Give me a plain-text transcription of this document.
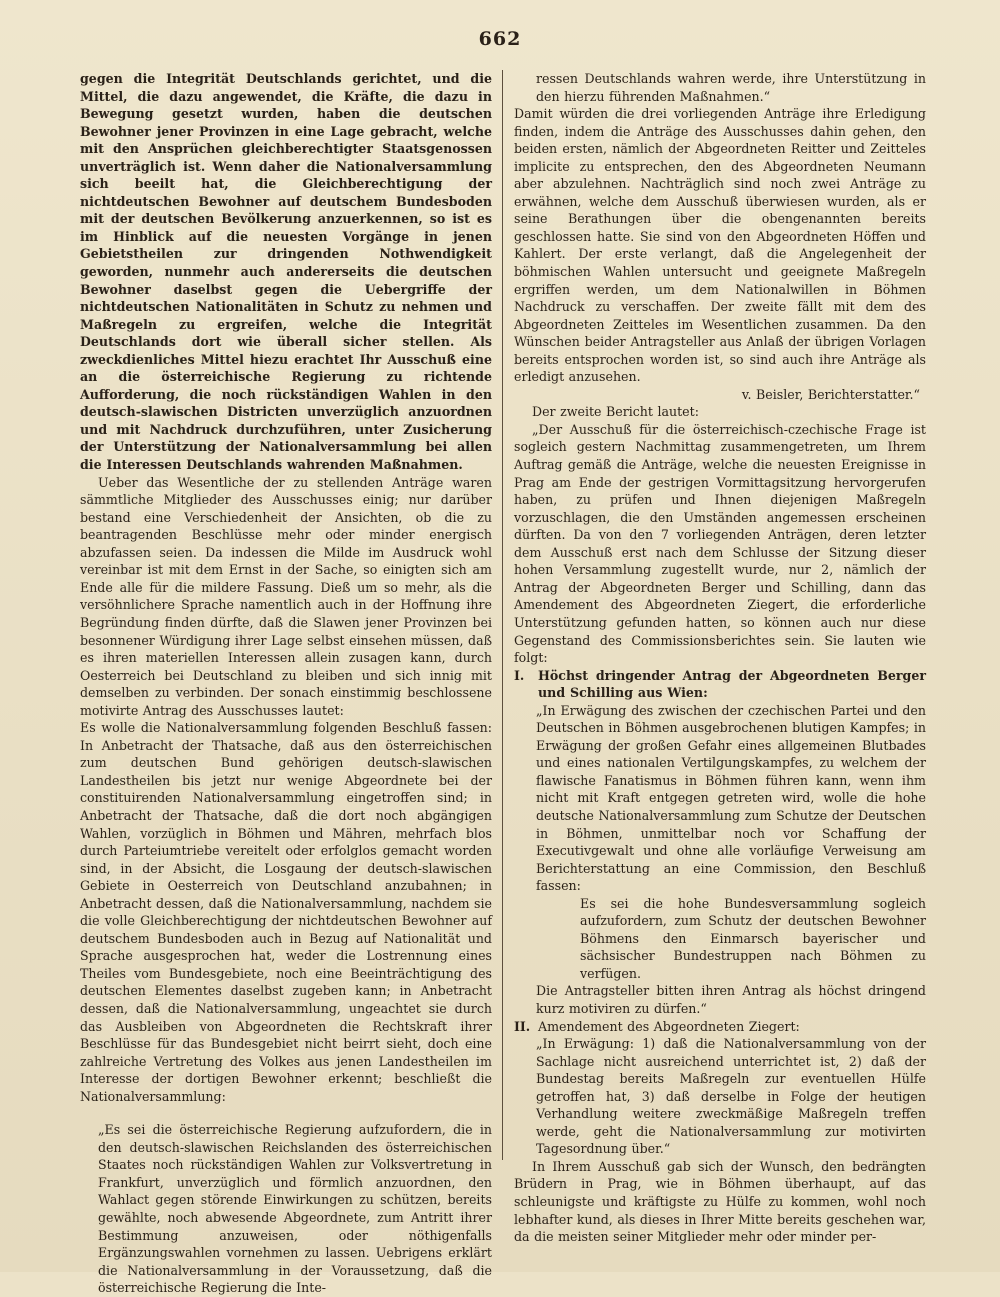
662

gegen die Integrität Deutschlands gerichtet, und die Mittel, die dazu angewendet, die Kräfte, die dazu in Bewegung gesetzt wurden, haben die deutschen Bewohner jener Provinzen in eine Lage gebracht, welche mit den Ansprüchen gleichberechtigter Staatsgenossen unverträglich ist. Wenn daher die Nationalversammlung sich beeilt hat, die Gleichberechtigung der nichtdeutschen Bewohner auf deutschem Bundesboden mit der deutschen Bevölkerung anzuerkennen, so ist es im Hinblick auf die neuesten Vorgänge in jenen Gebietstheilen zur dringenden Nothwendigkeit geworden, nunmehr auch andererseits die deutschen Bewohner daselbst gegen die Uebergriffe der nichtdeutschen Nationalitäten in Schutz zu nehmen und Maßregeln zu ergreifen, welche die Integrität Deutschlands dort wie überall sicher stellen. Als zweckdienliches Mittel hiezu erachtet Ihr Ausschuß eine an die österreichische Regierung zu richtende Aufforderung, die noch rückständigen Wahlen in den deutsch-slawischen Districten unverzüglich anzuordnen und mit Nachdruck durchzuführen, unter Zusicherung der Unterstützung der Nationalversammlung bei allen die Interessen Deutschlands wahrenden Maßnahmen.

Ueber das Wesentliche der zu stellenden Anträge waren sämmtliche Mitglieder des Ausschusses einig; nur darüber bestand eine Verschiedenheit der Ansichten, ob die zu beantragenden Beschlüsse mehr oder minder energisch abzufassen seien. Da indessen die Milde im Ausdruck wohl vereinbar ist mit dem Ernst in der Sache, so einigten sich am Ende alle für die mildere Fassung. Dieß um so mehr, als die versöhnlichere Sprache namentlich auch in der Hoffnung ihre Begründung finden dürfte, daß die Slawen jener Provinzen bei besonnener Würdigung ihrer Lage selbst einsehen müssen, daß es ihren materiellen Interessen allein zusagen kann, durch Oesterreich bei Deutschland zu bleiben und sich innig mit demselben zu verbinden. Der sonach einstimmig beschlossene motivirte Antrag des Ausschusses lautet:

Es wolle die Nationalversammlung folgenden Beschluß fassen: In Anbetracht der Thatsache, daß aus den österreichischen zum deutschen Bund gehörigen deutsch-slawischen Landestheilen bis jetzt nur wenige Abgeordnete bei der constituirenden Nationalversammlung eingetroffen sind; in Anbetracht der Thatsache, daß die dort noch abgängigen Wahlen, vorzüglich in Böhmen und Mähren, mehrfach blos durch Parteiumtriebe vereitelt oder erfolglos gemacht worden sind, in der Absicht, die Losgaung der deutsch-slawischen Gebiete in Oesterreich von Deutschland anzubahnen; in Anbetracht dessen, daß die Nationalversammlung, nachdem sie die volle Gleichberechtigung der nichtdeutschen Bewohner auf deutschem Bundesboden auch in Bezug auf Nationalität und Sprache ausgesprochen hat, weder die Lostrennung eines Theiles vom Bundesgebiete, noch eine Beeinträchtigung des deutschen Elementes daselbst zugeben kann; in Anbetracht dessen, daß die Nationalversammlung, ungeachtet sie durch das Ausbleiben von Abgeordneten die Rechtskraft ihrer Beschlüsse für das Bundesgebiet nicht beirrt sieht, doch eine zahlreiche Vertretung des Volkes aus jenen Landestheilen im Interesse der dortigen Bewohner erkennt; beschließt die Nationalversammlung:

„Es sei die österreichische Regierung aufzufordern, die in den deutsch-slawischen Reichslanden des österreichischen Staates noch rückständigen Wahlen zur Volksvertretung in Frankfurt, unverzüglich und förmlich anzuordnen, den Wahlact gegen störende Einwirkungen zu schützen, bereits gewählte, noch abwesende Abgeordnete, zum Antritt ihrer Bestimmung anzuweisen, oder nöthigenfalls Ergänzungswahlen vornehmen zu lassen. Uebrigens erklärt die Nationalversammlung in der Voraussetzung, daß die österreichische Regierung die Inte-

ressen Deutschlands wahren werde, ihre Unterstützung in den hierzu führenden Maßnahmen.“

Damit würden die drei vorliegenden Anträge ihre Erledigung finden, indem die Anträge des Ausschusses dahin gehen, den beiden ersten, nämlich der Abgeordneten Reitter und Zeitteles implicite zu entsprechen, den des Abgeordneten Neumann aber abzulehnen. Nachträglich sind noch zwei Anträge zu erwähnen, welche dem Ausschuß überwiesen wurden, als er seine Berathungen über die obengenannten bereits geschlossen hatte. Sie sind von den Abgeordneten Höffen und Kahlert. Der erste verlangt, daß die Angelegenheit der böhmischen Wahlen untersucht und geeignete Maßregeln ergriffen werden, um dem Nationalwillen in Böhmen Nachdruck zu verschaffen. Der zweite fällt mit dem des Abgeordneten Zeitteles im Wesentlichen zusammen. Da den Wünschen beider Antragsteller aus Anlaß der übrigen Vorlagen bereits entsprochen worden ist, so sind auch ihre Anträge als erledigt anzusehen.

v. Beisler, Berichterstatter.“

Der zweite Bericht lautet:

„Der Ausschuß für die österreichisch-czechische Frage ist sogleich gestern Nachmittag zusammengetreten, um Ihrem Auftrag gemäß die Anträge, welche die neuesten Ereignisse in Prag am Ende der gestrigen Vormittagsitzung hervorgerufen haben, zu prüfen und Ihnen diejenigen Maßregeln vorzuschlagen, die den Umständen angemessen erscheinen dürften. Da von den 7 vorliegenden Anträgen, deren letzter dem Ausschuß erst nach dem Schlusse der Sitzung dieser hohen Versammlung zugestellt wurde, nur 2, nämlich der Antrag der Abgeordneten Berger und Schilling, dann das Amendement des Abgeordneten Ziegert, die erforderliche Unterstützung gefunden hatten, so können auch nur diese Gegenstand des Commissionsberichtes sein. Sie lauten wie folgt:

I.	Höchst dringender Antrag der Abgeordneten Berger und Schilling aus Wien:

„In Erwägung des zwischen der czechischen Partei und den Deutschen in Böhmen ausgebrochenen blutigen Kampfes; in Erwägung der großen Gefahr eines allgemeinen Blutbades und eines nationalen Vertilgungskampfes, zu welchem der flawische Fanatismus in Böhmen führen kann, wenn ihm nicht mit Kraft entgegen getreten wird, wolle die hohe deutsche Nationalversammlung zum Schutze der Deutschen in Böhmen, unmittelbar noch vor Schaffung der Executivgewalt und ohne alle vorläufige Verweisung am Berichterstattung an eine Commission, den Beschluß fassen:

Es sei die hohe Bundesversammlung sogleich aufzufordern, zum Schutz der deutschen Bewohner Böhmens den Einmarsch bayerischer und sächsischer Bundestruppen nach Böhmen zu verfügen.

Die Antragsteller bitten ihren Antrag als höchst dringend kurz motiviren zu dürfen.“

II. Amendement des Abgeordneten Ziegert:

„In Erwägung: 1) daß die Nationalversammlung von der Sachlage nicht ausreichend unterrichtet ist, 2) daß der Bundestag bereits Maßregeln zur eventuellen Hülfe getroffen hat, 3) daß derselbe in Folge der heutigen Verhandlung weitere zweckmäßige Maßregeln treffen werde, geht die Nationalversammlung zur motivirten Tagesordnung über.“

In Ihrem Ausschuß gab sich der Wunsch, den bedrängten Brüdern in Prag, wie in Böhmen überhaupt, auf das schleunigste und kräftigste zu Hülfe zu kommen, wohl noch lebhafter kund, als dieses in Ihrer Mitte bereits geschehen war, da die meisten seiner Mitglieder mehr oder minder per-
